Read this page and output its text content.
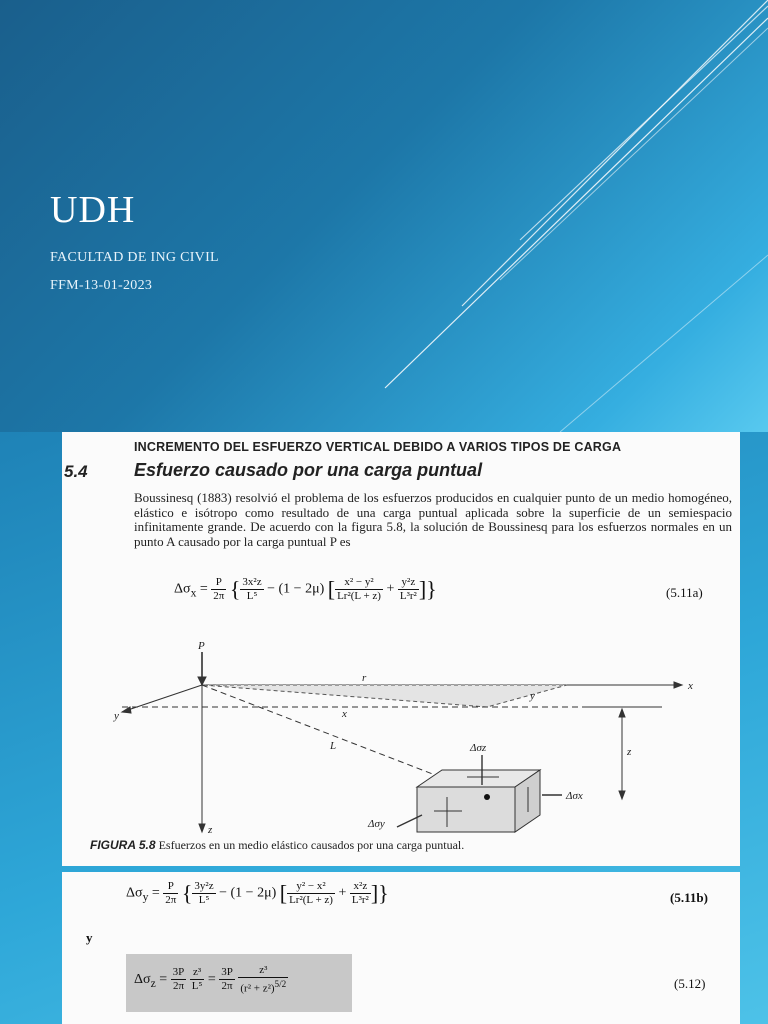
UDH
FACULTAD DE ING CIVIL
FFM-13-01-2023
INCREMENTO DEL ESFUERZO VERTICAL DEBIDO A VARIOS TIPOS DE CARGA
5.4	Esfuerzo causado por una carga puntual

Boussinesq (1883) resolvió el problema de los esfuerzos producidos en cualquier punto de un medio homogéneo, elástico e isótropo como resultado de una carga puntual aplicada sobre la superficie de un semiespacio infinitamente grande. De acuerdo con la figura 5.8, la solución de Boussinesq para los esfuerzos normales en un punto A causado por la carga puntual P es

$\Delta\sigma_x = \frac{P}{2\pi}$ { $\frac{\text{3x²z}}{\text{L⁵}} - (1 - 2\mu)$ [ $\frac{\text{x² − y²}}{\text{Lr²(L + z)}} + \frac{\text{y²z}}{\text{L³r²}}$ ]}	(5.11a)
P
x
y
z
r
x
y
L	z
Δσz
Δσx
Δσy
FIGURA 5.8 Esfuerzos en un medio elástico causados por una carga puntual.
$\Delta\sigma_y = \frac{P}{2\pi}$ { $\frac{\text{3y²z}}{\text{L⁵}} - (1 - 2\mu)$ [ $\frac{\text{y² − x²}}{\text{Lr²(L + z)}} + \frac{\text{x²z}}{\text{L³r²}}$ ]}	(5.11b)
y
$\Delta\sigma_z = \frac{3P}{2\pi}$
$\frac{\text{z³}}{\text{L⁵}} = \frac{3P}{2\pi}$
$\frac{\text{z³}}{(r^2 + z^2)^{5/2}}$	(5.12)
